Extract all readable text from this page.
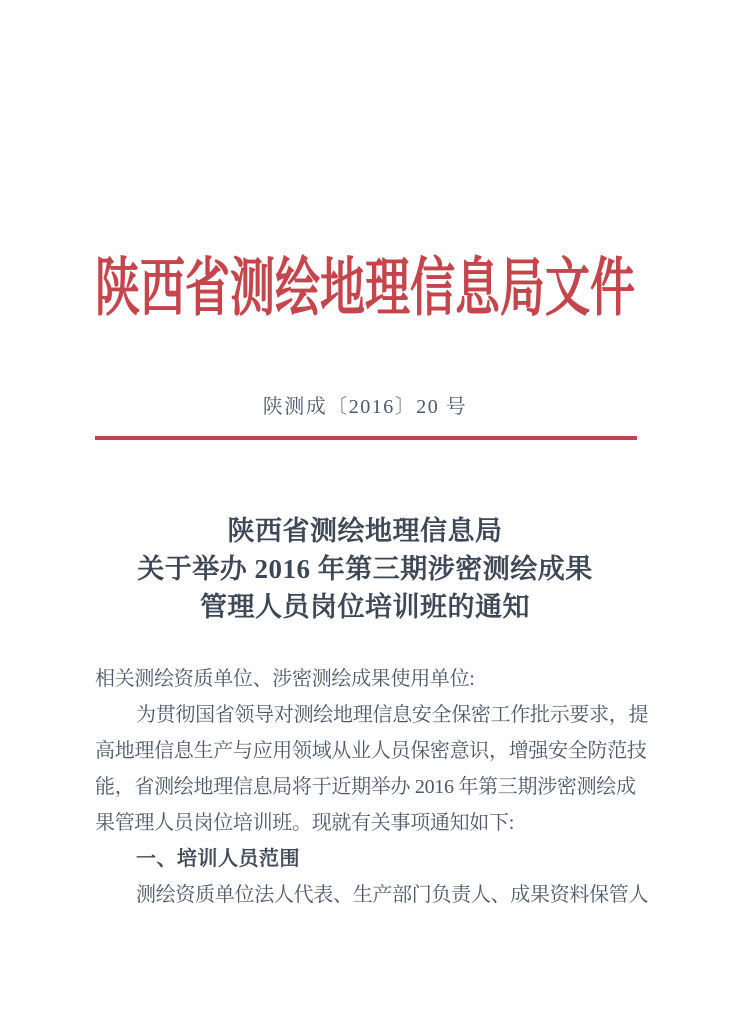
陕西省测绘地理信息局文件
陕测成〔2016〕20 号
陕西省测绘地理信息局
关于举办 2016 年第三期涉密测绘成果
管理人员岗位培训班的通知
相关测绘资质单位、涉密测绘成果使用单位:
为贯彻国省领导对测绘地理信息安全保密工作批示要求，提
高地理信息生产与应用领域从业人员保密意识，增强安全防范技
能，省测绘地理信息局将于近期举办 2016 年第三期涉密测绘成
果管理人员岗位培训班。现就有关事项通知如下:
一、培训人员范围
测绘资质单位法人代表、生产部门负责人、成果资料保管人
